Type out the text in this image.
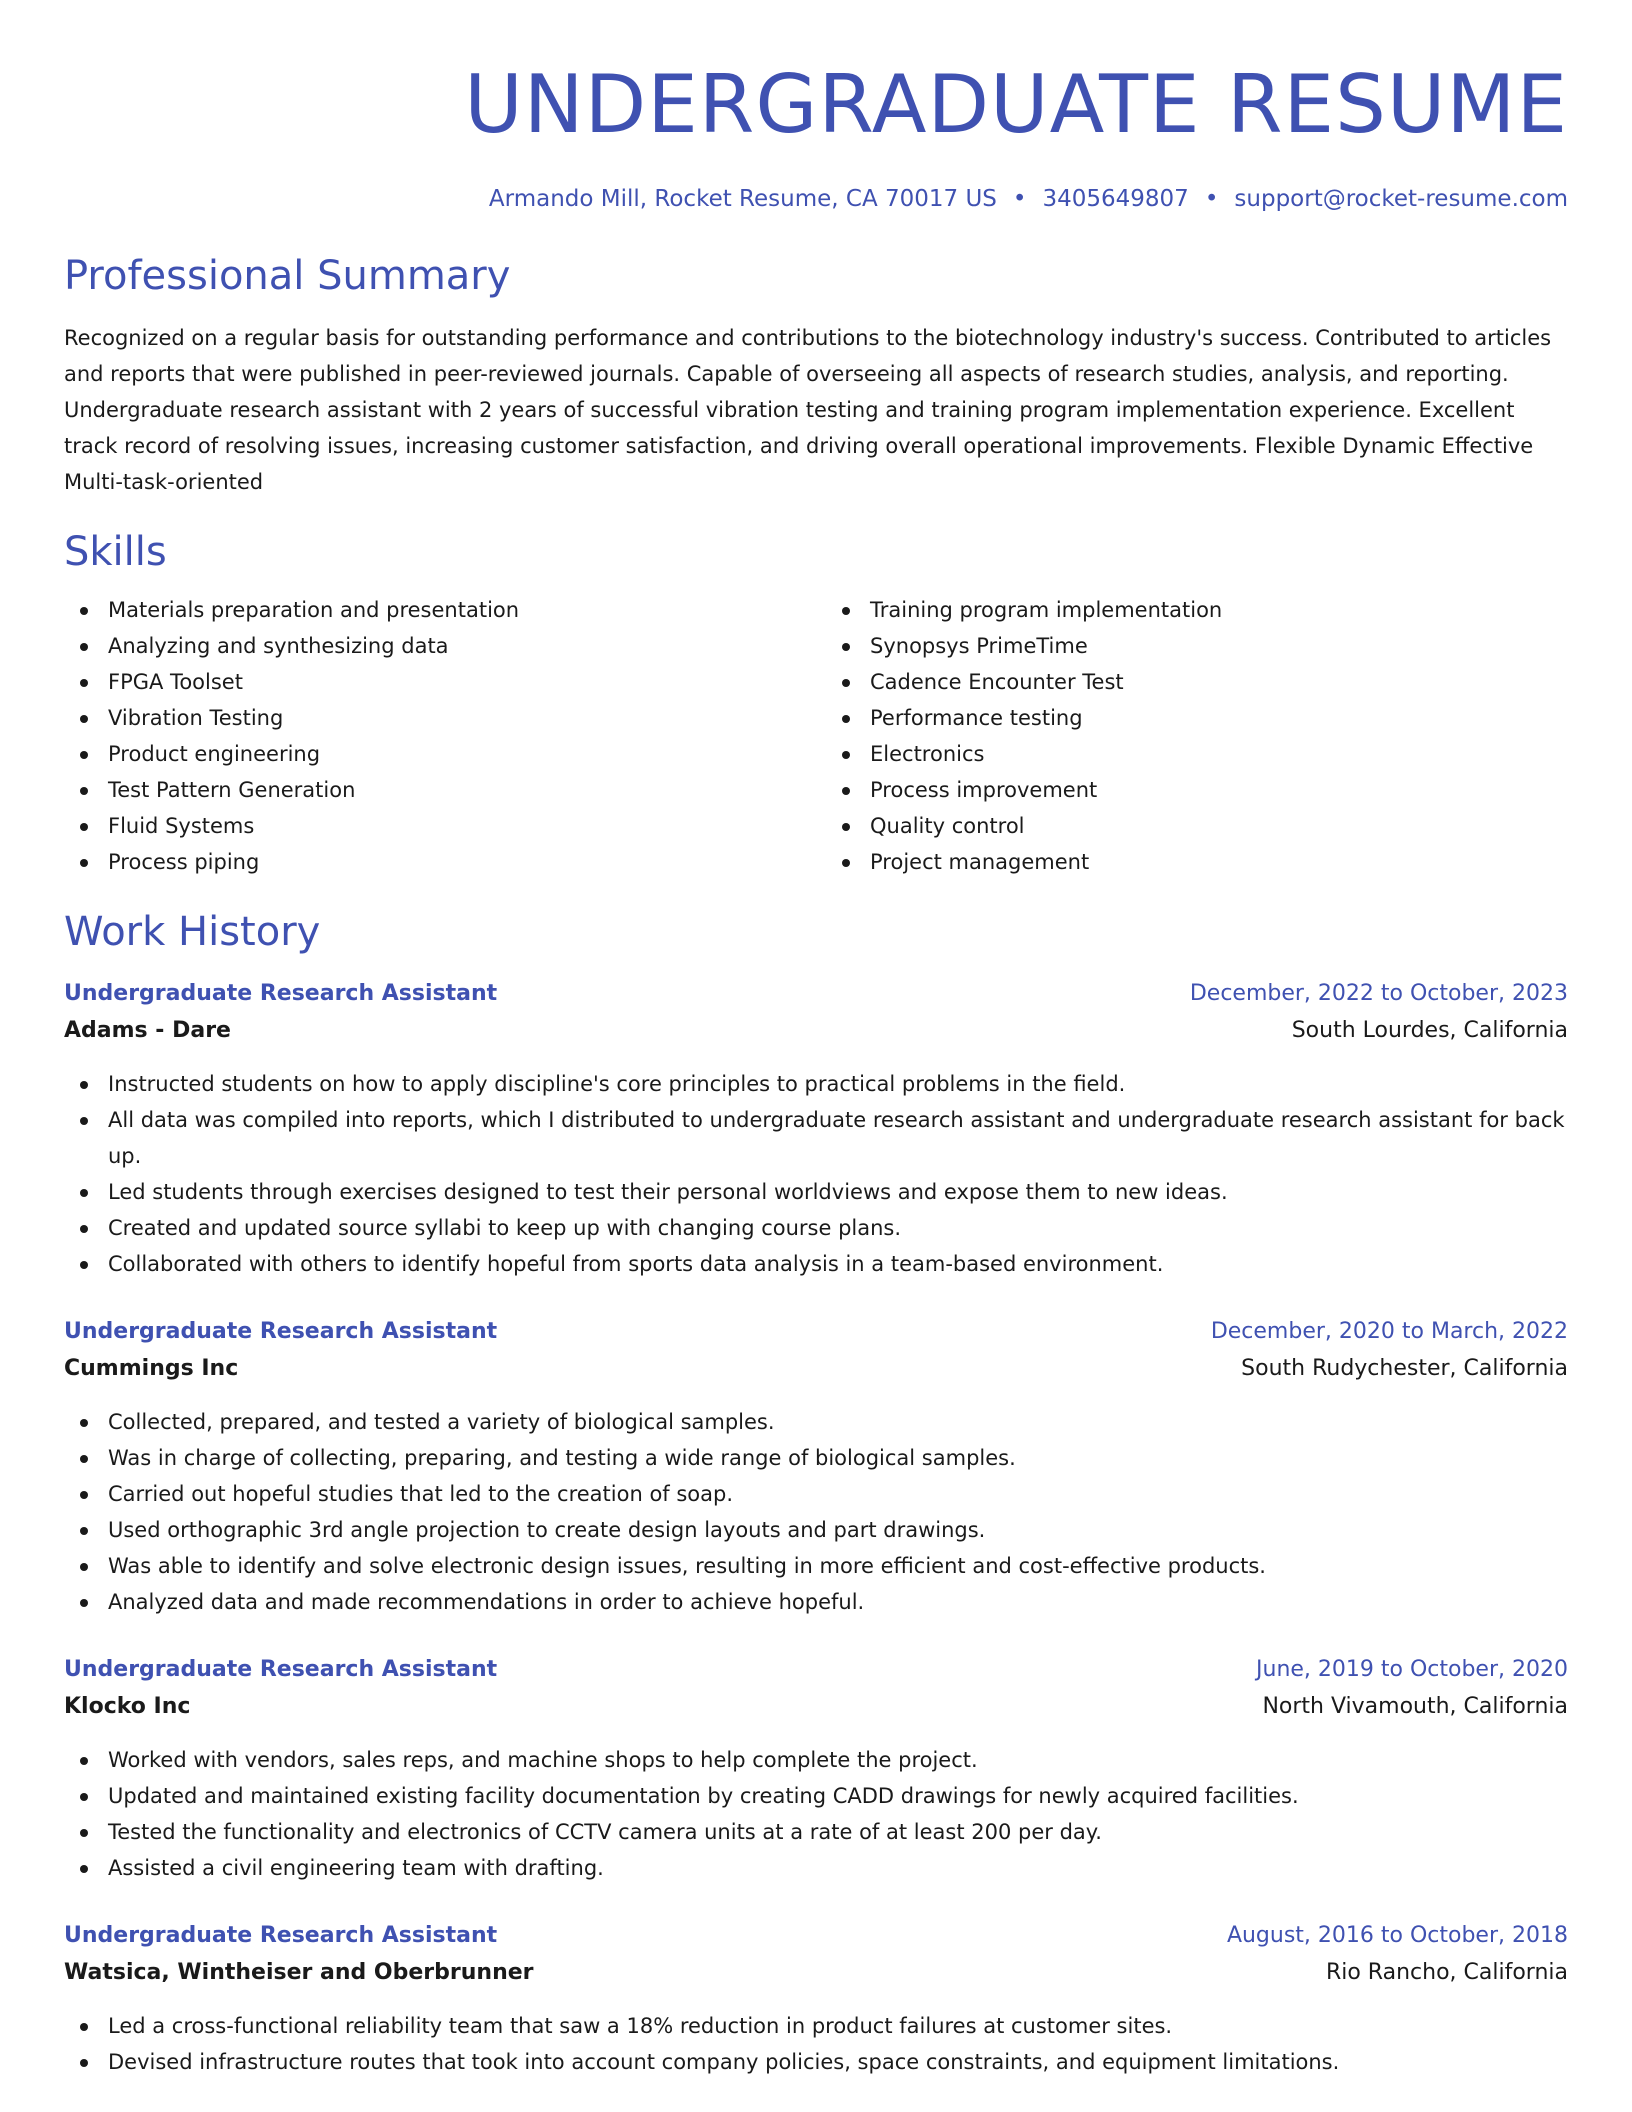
UNDERGRADUATE RESUME
Armando Mill, Rocket Resume, CA 70017 US • 3405649807 • support@rocket-resume.com
Professional Summary
Recognized on a regular basis for outstanding performance and contributions to the biotechnology industry's success. Contributed to articles and reports that were published in peer-reviewed journals. Capable of overseeing all aspects of research studies, analysis, and reporting. Undergraduate research assistant with 2 years of successful vibration testing and training program implementation experience. Excellent track record of resolving issues, increasing customer satisfaction, and driving overall operational improvements. Flexible Dynamic Effective Multi-task-oriented
Skills
Materials preparation and presentation
Analyzing and synthesizing data
FPGA Toolset
Vibration Testing
Product engineering
Test Pattern Generation
Fluid Systems
Process piping
Training program implementation
Synopsys PrimeTime
Cadence Encounter Test
Performance testing
Electronics
Process improvement
Quality control
Project management
Work History
Undergraduate Research Assistant	December, 2022 to October, 2023
Adams - Dare	South Lourdes, California
Instructed students on how to apply discipline's core principles to practical problems in the field.
All data was compiled into reports, which I distributed to undergraduate research assistant and undergraduate research assistant for back up.
Led students through exercises designed to test their personal worldviews and expose them to new ideas.
Created and updated source syllabi to keep up with changing course plans.
Collaborated with others to identify hopeful from sports data analysis in a team-based environment.
Undergraduate Research Assistant	December, 2020 to March, 2022
Cummings Inc	South Rudychester, California
Collected, prepared, and tested a variety of biological samples.
Was in charge of collecting, preparing, and testing a wide range of biological samples.
Carried out hopeful studies that led to the creation of soap.
Used orthographic 3rd angle projection to create design layouts and part drawings.
Was able to identify and solve electronic design issues, resulting in more efficient and cost-effective products.
Analyzed data and made recommendations in order to achieve hopeful.
Undergraduate Research Assistant	June, 2019 to October, 2020
Klocko Inc	North Vivamouth, California
Worked with vendors, sales reps, and machine shops to help complete the project.
Updated and maintained existing facility documentation by creating CADD drawings for newly acquired facilities.
Tested the functionality and electronics of CCTV camera units at a rate of at least 200 per day.
Assisted a civil engineering team with drafting.
Undergraduate Research Assistant	August, 2016 to October, 2018
Watsica, Wintheiser and Oberbrunner	Rio Rancho, California
Led a cross-functional reliability team that saw a 18% reduction in product failures at customer sites.
Devised infrastructure routes that took into account company policies, space constraints, and equipment limitations.
